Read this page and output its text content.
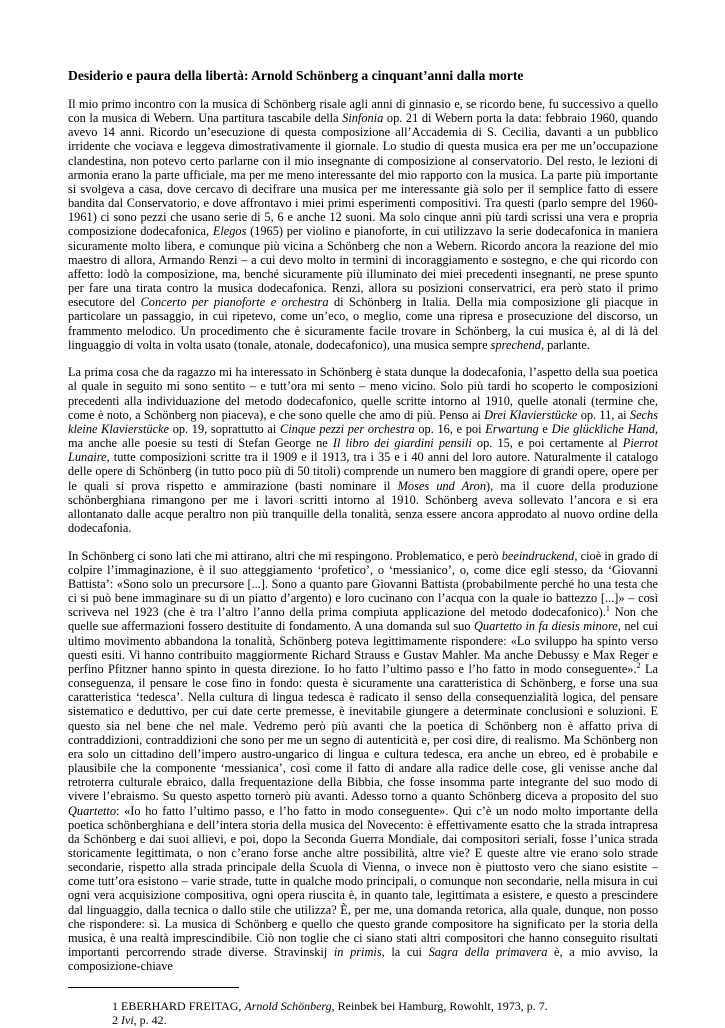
Desiderio e paura della libertà: Arnold Schönberg a cinquant’anni dalla morte

Il mio primo incontro con la musica di Schönberg risale agli anni di ginnasio e, se ricordo bene, fu successivo a quello con la musica di Webern. Una partitura tascabile della Sinfonia op. 21 di Webern porta la data: febbraio 1960, quando avevo 14 anni. Ricordo un’esecuzione di questa composizione all’Accademia di S. Cecilia, davanti a un pubblico irridente che vociava e leggeva dimostrativamente il giornale. Lo studio di questa musica era per me un’occupazione clandestina, non potevo certo parlarne con il mio insegnante di composizione al conservatorio. Del resto, le lezioni di armonia erano la parte ufficiale, ma per me meno interessante del mio rapporto con la musica. La parte più importante si svolgeva a casa, dove cercavo di decifrare una musica per me interessante già solo per il semplice fatto di essere bandita dal Conservatorio, e dove affrontavo i miei primi esperimenti compositivi. Tra questi (parlo sempre del 1960-1961) ci sono pezzi che usano serie di 5, 6 e anche 12 suoni. Ma solo cinque anni più tardi scrissi una vera e propria composizione dodecafonica, Elegos (1965) per violino e pianoforte, in cui utilizzavo la serie dodecafonica in maniera sicuramente molto libera, e comunque più vicina a Schönberg che non a Webern. Ricordo ancora la reazione del mio maestro di allora, Armando Renzi – a cui devo molto in termini di incoraggiamento e sostegno, e che qui ricordo con affetto: lodò la composizione, ma, benché sicuramente più illuminato dei miei precedenti insegnanti, ne prese spunto per fare una tirata contro la musica dodecafonica. Renzi, allora su posizioni conservatrici, era però stato il primo esecutore del Concerto per pianoforte e orchestra di Schönberg in Italia. Della mia composizione gli piacque in particolare un passaggio, in cui ripetevo, come un’eco, o meglio, come una ripresa e prosecuzione del discorso, un frammento melodico. Un procedimento che è sicuramente facile trovare in Schönberg, la cui musica è, al di là del linguaggio di volta in volta usato (tonale, atonale, dodecafonico), una musica sempre sprechend, parlante.

La prima cosa che da ragazzo mi ha interessato in Schönberg è stata dunque la dodecafonia, l’aspetto della sua poetica al quale in seguito mi sono sentito – e tutt’ora mi sento – meno vicino. Solo più tardi ho scoperto le composizioni precedenti alla individuazione del metodo dodecafonico, quelle scritte intorno al 1910, quelle atonali (termine che, come è noto, a Schönberg non piaceva), e che sono quelle che amo di più. Penso ai Drei Klavierstücke op. 11, ai Sechs kleine Klavierstücke op. 19, soprattutto ai Cinque pezzi per orchestra op. 16, e poi Erwartung e Die glückliche Hand, ma anche alle poesie su testi di Stefan George ne Il libro dei giardini pensili op. 15, e poi certamente al Pierrot Lunaire, tutte composizioni scritte tra il 1909 e il 1913, tra i 35 e i 40 anni del loro autore. Naturalmente il catalogo delle opere di Schönberg (in tutto poco più di 50 titoli) comprende un numero ben maggiore di grandi opere, opere per le quali si prova rispetto e ammirazione (basti nominare il Moses und Aron), ma il cuore della produzione schönberghiana rimangono per me i lavori scritti intorno al 1910. Schönberg aveva sollevato l’ancora e si era allontanato dalle acque peraltro non più tranquille della tonalità, senza essere ancora approdato al nuovo ordine della dodecafonia.

In Schönberg ci sono lati che mi attirano, altri che mi respingono. Problematico, e però beeindruckend, cioè in grado di colpire l’immaginazione, è il suo atteggiamento ‘profetico’, o ‘messianico’, o, come dice egli stesso, da ‘Giovanni Battista’: «Sono solo un precursore [...]. Sono a quanto pare Giovanni Battista (probabilmente perché ho una testa che ci si può bene immaginare su di un piatto d’argento) e loro cucinano con l’acqua con la quale io battezzo [...]» – così scriveva nel 1923 (che è tra l’altro l’anno della prima compiuta applicazione del metodo dodecafonico).$^1$ Non che quelle sue affermazioni fossero destituite di fondamento. A una domanda sul suo Quartetto in fa diesis minore, nel cui ultimo movimento abbandona la tonalità, Schönberg poteva legittimamente rispondere: «Lo sviluppo ha spinto verso questi esiti. Vi hanno contribuito maggiormente Richard Strauss e Gustav Mahler. Ma anche Debussy e Max Reger e perfino Pfitzner hanno spinto in questa direzione. Io ho fatto l’ultimo passo e l’ho fatto in modo conseguente».$^2$ La conseguenza, il pensare le cose fino in fondo: questa è sicuramente una caratteristica di Schönberg, e forse una sua caratteristica ‘tedesca’. Nella cultura di lingua tedesca è radicato il senso della consequenzialità logica, del pensare sistematico e deduttivo, per cui date certe premesse, è inevitabile giungere a determinate conclusioni e soluzioni. E questo sia nel bene che nel male. Vedremo però più avanti che la poetica di Schönberg non è affatto priva di contraddizioni, contraddizioni che sono per me un segno di autenticità e, per così dire, di realismo. Ma Schönberg non era solo un cittadino dell’impero austro-ungarico di lingua e cultura tedesca, era anche un ebreo, ed è probabile e plausibile che la componente ‘messianica’, così come il fatto di andare alla radice delle cose, gli venisse anche dal retroterra culturale ebraico, dalla frequentazione della Bibbia, che fosse insomma parte integrante del suo modo di vivere l’ebraismo. Su questo aspetto tornerò più avanti. Adesso torno a quanto Schönberg diceva a proposito del suo Quartetto: «Io ho fatto l’ultimo passo, e l’ho fatto in modo conseguente». Qui c’è un nodo molto importante della poetica schönberghiana e dell’intera storia della musica del Novecento: è effettivamente esatto che la strada intrapresa da Schönberg e dai suoi allievi, e poi, dopo la Seconda Guerra Mondiale, dai compositori seriali, fosse l’unica strada storicamente legittimata, o non c’erano forse anche altre possibilità, altre vie? E queste altre vie erano solo strade secondarie, rispetto alla strada principale della Scuola di Vienna, o invece non è piuttosto vero che siano esistite – come tutt’ora esistono – varie strade, tutte in qualche modo principali, o comunque non secondarie, nella misura in cui ogni vera acquisizione compositiva, ogni opera riuscita è, in quanto tale, legittimata a esistere, e questo a prescindere dal linguaggio, dalla tecnica o dallo stile che utilizza? È, per me, una domanda retorica, alla quale, dunque, non posso che rispondere: sì. La musica di Schönberg e quello che questo grande compositore ha significato per la storia della musica, è una realtà imprescindibile. Ciò non toglie che ci siano stati altri compositori che hanno conseguito risultati importanti percorrendo strade diverse. Stravinskij in primis, la cui Sagra della primavera è, a mio avviso, la composizione-chiave

1 EBERHARD FREITAG, Arnold Schönberg, Reinbek bei Hamburg, Rowohlt, 1973, p. 7.
2 Ivi, p. 42.
